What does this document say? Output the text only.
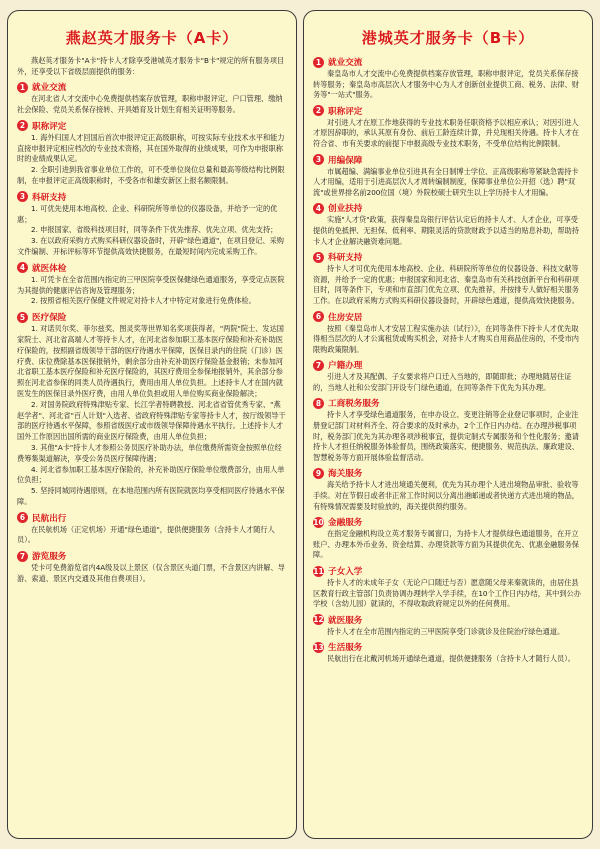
燕赵英才服务卡（A卡）

燕赵英才服务卡"A卡"持卡人才除享受港城英才服务卡"B卡"规定的所有服务项目外，还享受以下省级层面提供的服务：

1 就业交流

在河北省人才交流中心免费提供档案存放管理，职称申报评定、户口管理、缴纳社会保险、党员关系保存接转、开具婚育及计划生育相关证明等服务。

2 职称评定

1. 海外归国人才回国后首次申报评定正高级职称，可按实际专业技术水平和能力直接申报评定相应档次的专业技术资格，其在国外取得的业绩成果，可作为申报职称时的业绩成果认定。

2. 全职引进到我省事业单位工作的，可不受单位岗位总量和最高等级结构比例限制，在申报评定正高级职称时，不受各市和雄安新区上报名额限制。

3 科研支持

1. 可优先使用本地高校、企业、科研院所等单位的仪器设备，并给予一定的优惠；

2. 申报国家、省级科技项目时，同等条件下优先推荐、优先立项、优先支持；

3. 在以政府采购方式购买科研仪器设备时，开辟"绿色通道"，在项目登记、采购文件编制、开标评标等环节提供高效快捷服务，在最短时间内完成采购工作。

4 就医体检

1. 可凭卡在全省范围内指定的三甲医院享受医保健绿色通道服务，享受定点医院为其提供的健康评估咨询及管理服务；

2. 按照省相关医疗保健文件规定对持卡人才中特定对象进行免费体检。

5 医疗保险

1. 对诺贝尔奖、菲尔兹奖、图灵奖等世界知名奖项获得者，"两院"院士、发达国家院士、河北省高端人才等持卡人才，在河北省参加职工基本医疗保险和补充补助医疗保险的，按照副省级领导干部的医疗待遇水平保障，医保目录内的住院（门诊）医疗费、床位费除基本医保报销外，剩余部分由补充补助医疗保险基金报销；未参加河北省职工基本医疗保险和补充医疗保险的，其医疗费用全参保地报销外，其余部分参照在河北省参保的同类人员待遇执行，费用由用人单位负担。上述持卡人才在国内就医发生的医保目录外医疗费，由用人单位负担或用人单位购买商业保险解决；

2. 对国务院政府特殊津贴专家、长江学者特聘教授、河北省省管优秀专家、"燕赵学者"、河北省"百人计划"入选者、省政府特殊津贴专家等持卡人才，按厅级领导干部的医疗待遇水平保障，参照省级医疗或市级领导保障待遇水平执行。上述持卡人才国外工作原因出国所需的商业医疗保险费，由用人单位负担；

3. 其他"A卡"持卡人才参照公务员医疗补助办法，单位缴费所需资金按照单位经费筹集渠道解决，享受公务员医疗保障待遇；

4. 河北省参加职工基本医疗保险的，补充补助医疗保险单位缴费部分，由用人单位负担；

5. 坚持同城同待遇原则，在本地范围内所有医院就医均享受相同医疗待遇水平保障。

6 民航出行

在民航机场（正定机场）开通"绿色通道"，提供便捷服务（含持卡人才随行人员）。

7 游览服务

凭卡可免费游览省内4A级及以上景区（仅含景区头道门票，不含景区内讲解、导游、索道、景区内交通及其他自费项目）。

港城英才服务卡（B卡）
1 就业交流

秦皇岛市人才交流中心免费提供档案存放管理，职称申报评定，党员关系保存接转等服务；秦皇岛市高层次人才服务中心为人才创新创业提供工商、税务、法律、财务等"一站式"服务。

2 职称评定

对引进人才在原工作地获得的专业技术职务任职资格予以相应承认；对因引进人才原因辞职的，承认其原有身份、前后工龄连续计算，并兑现相关待遇。持卡人才在符合省、市有关要求的前提下申报高级专业技术职务，不受单位结构比例限制。

3 用编保障

市属超编、满编事业单位引进具有全日制博士学位、正高级职称等紧缺急需持卡人才用编，适用于引进高层次人才周转编制制度，保障事业单位公开招（选）聘"双流"或世界排名前200位国（境）外院校硕士研究生以上学历持卡人才用编。

4 创业扶持

实施"人才贷"政策，获得秦皇岛银行评估认定后的持卡人才、人才企业，可享受提供的免抵押、无担保、低利率、期限灵活的贷款财政予以适当的贴息补助，帮助持卡人才企业解决融资难问题。

5 科研支持

持卡人才可优先使用本地高校、企业、科研院所等单位的仪器设备、科技文献等资源，并给予一定的优惠；申报国家和河北省、秦皇岛市有关科技创新平台和科研项目时，同等条件下，专项和市直部门优先立项、优先推荐，并按排专人做好相关服务工作。在以政府采购方式购买科研仪器设备时，开辟绿色通道，提供高效快捷服务。

6 住房安居

按照《秦皇岛市人才安居工程实施办法（试行）》，在同等条件下持卡人才优先取得相当层次的人才公寓租赁或购买机会，对持卡人才购买自用商品住房的，不受市内限购政策限制。

7 户籍办理

引进人才及其配偶、子女要求将户口迁入当地的，即随即批；办理地随居住证的，当地人社和公安部门开设专门绿色通道，在同等条件下优先为其办理。

8 工商税务服务

持卡人才享受绿色通道服务，在申办设立、变更注销等企业登记事项时，企业注册登记部门对材料齐全、符合要求的及时承办，2个工作日内办结。在办理涉税事项时，税务部门优先为其办理各项涉税事宜，提供定制式专属服务和个性化服务；邀请持卡人才担任纳税服务体验督员，围绕政策落实、便捷服务、规范执法、廉政建设、智慧税务等方面开展体验监督活动。

9 海关服务

海关给予持卡人才进出境通关便利，优先为其办理个人进出境物品审批、验收等手续。对在节假日或者非正常工作时间以分离出港邮递或者快递方式进出境的物品，有特殊情况需要及时验放的，海关提供预约服务。

10 金融服务

在指定金融机构设立英才服务专属窗口，为持卡人才提供绿色通道服务，在开立账户、办理本外币业务、资金结算、办理贷款等方面为其提供优先、优惠金融服务保障。

11 子女入学

持卡人才的未成年子女（无论户口随迁与否）愿意随父母来秦就读的，由居住县区教育行政主管部门负责协调办理转学入学手续，在10个工作日内办结，其中到公办学校（含幼儿园）就读的，不得收取政府规定以外的任何费用。

12 就医服务

持卡人才在全市范围内指定的三甲医院享受门诊就诊及住院治疗绿色通道。

13 生活服务

民航出行在北戴河机场开通绿色通道，提供便捷服务（含持卡人才随行人员）。
